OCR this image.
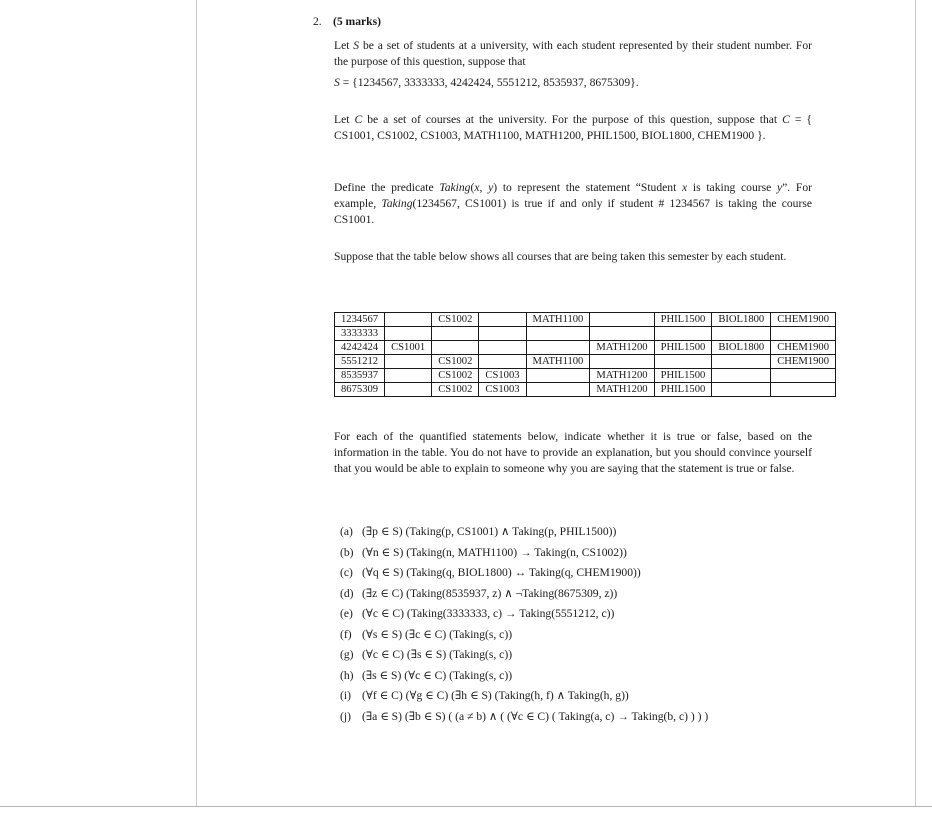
2. (5 marks)
Let S be a set of students at a university, with each student represented by their student number. For the purpose of this question, suppose that
S = {1234567, 3333333, 4242424, 5551212, 8535937, 8675309}.
Let C be a set of courses at the university. For the purpose of this question, suppose that C = { CS1001, CS1002, CS1003, MATH1100, MATH1200, PHIL1500, BIOL1800, CHEM1900 }.
Define the predicate Taking(x, y) to represent the statement “Student x is taking course y”. For example, Taking(1234567, CS1001) is true if and only if student # 1234567 is taking the course CS1001.
Suppose that the table below shows all courses that are being taken this semester by each student.
1234567		CS1002		MATH1100		PHIL1500	BIOL1800	CHEM1900
3333333								
4242424	CS1001				MATH1200	PHIL1500	BIOL1800	CHEM1900
5551212		CS1002		MATH1100				CHEM1900
8535937		CS1002	CS1003		MATH1200	PHIL1500		
8675309		CS1002	CS1003		MATH1200	PHIL1500		
For each of the quantified statements below, indicate whether it is true or false, based on the information in the table. You do not have to provide an explanation, but you should convince yourself that you would be able to explain to someone why you are saying that the statement is true or false.
(a) (∃p ∈ S) (Taking(p, CS1001) ∧ Taking(p, PHIL1500))
(b) (∀n ∈ S) (Taking(n, MATH1100) → Taking(n, CS1002))
(c) (∀q ∈ S) (Taking(q, BIOL1800) ↔ Taking(q, CHEM1900))
(d) (∃z ∈ C) (Taking(8535937, z) ∧ ¬Taking(8675309, z))
(e) (∀c ∈ C) (Taking(3333333, c) → Taking(5551212, c))
(f) (∀s ∈ S) (∃c ∈ C) (Taking(s, c))
(g) (∀c ∈ C) (∃s ∈ S) (Taking(s, c))
(h) (∃s ∈ S) (∀c ∈ C) (Taking(s, c))
(i) (∀f ∈ C) (∀g ∈ C) (∃h ∈ S) (Taking(h, f) ∧ Taking(h, g))
(j) (∃a ∈ S) (∃b ∈ S) ( (a ≠ b) ∧ ( (∀c ∈ C) ( Taking(a, c) → Taking(b, c) ) ) )
